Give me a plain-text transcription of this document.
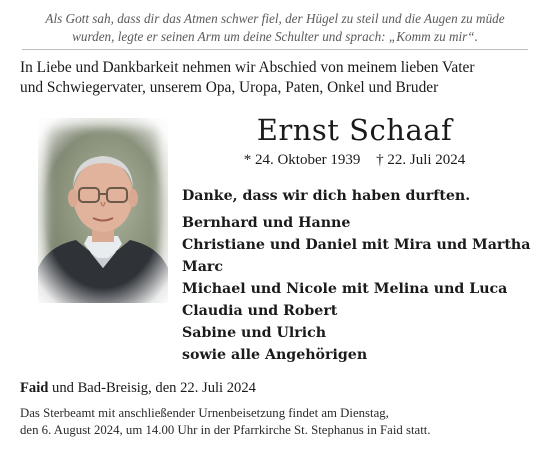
Als Gott sah, dass dir das Atmen schwer fiel, der Hügel zu steil und die Augen zu müde
wurden, legte er seinen Arm um deine Schulter und sprach: „Komm zu mir“.
In Liebe und Dankbarkeit nehmen wir Abschied von meinem lieben Vater
und Schwiegervater, unserem Opa, Uropa, Paten, Onkel und Bruder
Ernst Schaaf
* 24. Oktober 1939 † 22. Juli 2024
Danke, dass wir dich haben durften.
Bernhard und Hanne
Christiane und Daniel mit Mira und Martha
Marc
Michael und Nicole mit Melina und Luca
Claudia und Robert
Sabine und Ulrich
sowie alle Angehörigen
Faid und Bad-Breisig, den 22. Juli 2024
Das Sterbeamt mit anschließender Urnenbeisetzung findet am Dienstag,
den 6. August 2024, um 14.00 Uhr in der Pfarrkirche St. Stephanus in Faid statt.
